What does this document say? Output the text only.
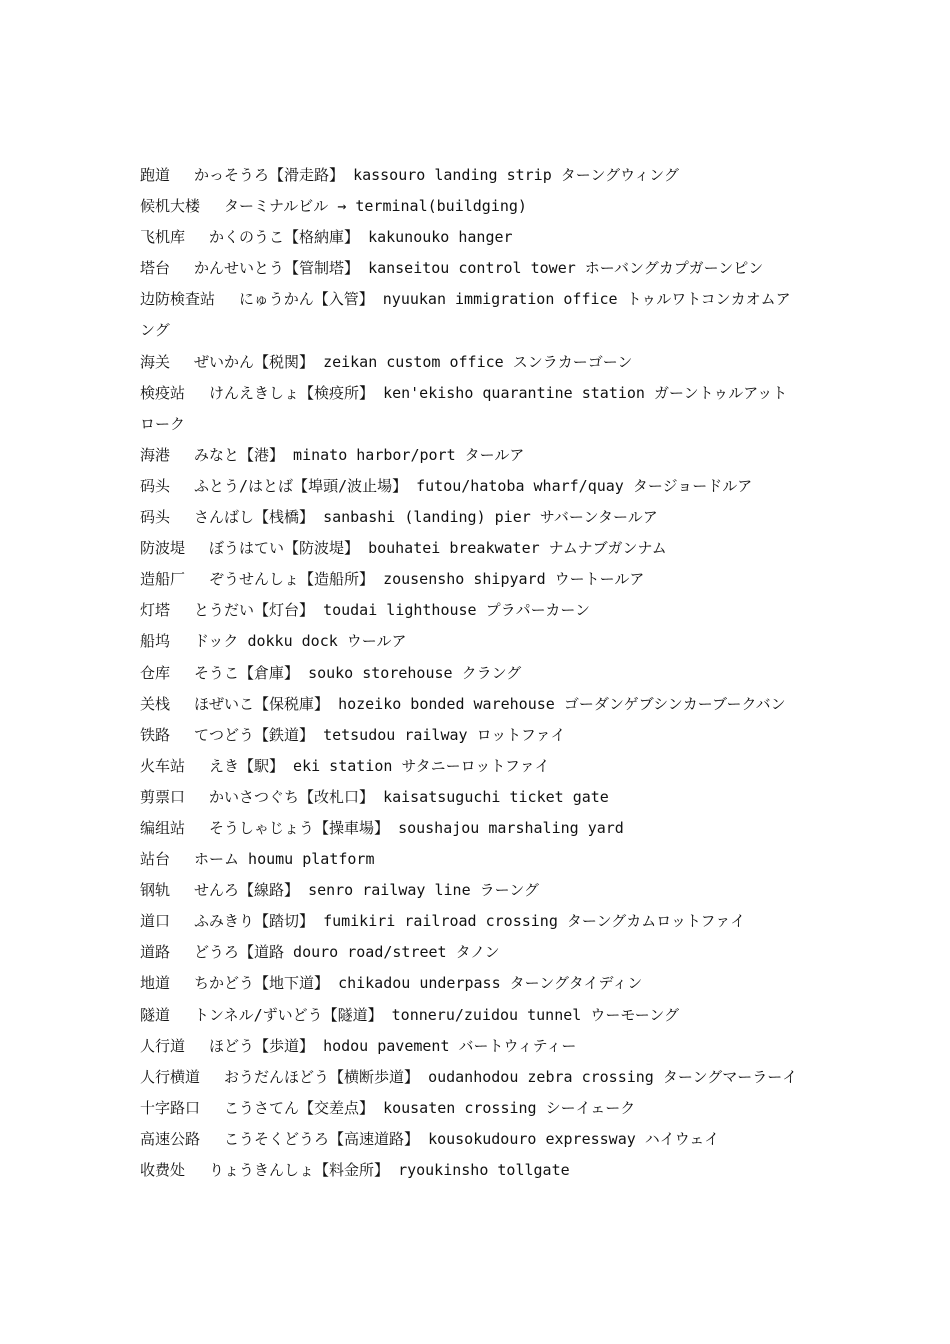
跑道　 かっそうろ【滑走路】 kassouro landing strip ターングウィング
候机大楼　 ターミナルビル → terminal(buildging)
飞机库　 かくのうこ【格納庫】 kakunouko hanger
塔台　 かんせいとう【管制塔】 kanseitou control tower ホーバングカプガーンピン
边防検査站　 にゅうかん【入管】 nyuukan immigration office トゥルワトコンカオムア
ング
海关　 ぜいかん【税関】 zeikan custom office スンラカーゴーン
検疫站　 けんえきしょ【検疫所】 ken'ekisho quarantine station ガーントゥルアット
ローク
海港　 みなと【港】 minato harbor/port タールア
码头　 ふとう/はとば【埠頭/波止場】 futou/hatoba wharf/quay タージョードルア
码头　 さんばし【桟橋】 sanbashi (landing) pier サバーンタールア
防波堤　 ぼうはてい【防波堤】 bouhatei breakwater ナムナブガンナム
造船厂　 ぞうせんしょ【造船所】 zousensho shipyard ウートールア
灯塔　 とうだい【灯台】 toudai lighthouse プラパーカーン
船坞　 ドック dokku dock ウールア
仓库　 そうこ【倉庫】 souko storehouse クラング
关栈　 ほぜいこ【保税庫】 hozeiko bonded warehouse ゴーダンゲブシンカーブークバン
铁路　 てつどう【鉄道】 tetsudou railway ロットファイ
火车站　 えき【駅】 eki station サタニーロットファイ
剪票口　 かいさつぐち【改札口】 kaisatsuguchi ticket gate
编组站　 そうしゃじょう【操車場】 soushajou marshaling yard
站台　 ホーム houmu platform
钢轨　 せんろ【線路】 senro railway line ラーング
道口　 ふみきり【踏切】 fumikiri railroad crossing ターングカムロットファイ
道路　 どうろ【道路 douro road/street タノン
地道　 ちかどう【地下道】 chikadou underpass ターングタイディン
隧道　 トンネル/ずいどう【隧道】 tonneru/zuidou tunnel ウーモーング
人行道　 ほどう【歩道】 hodou pavement バートウィティー
人行横道　 おうだんほどう【横断歩道】 oudanhodou zebra crossing ターングマーラーイ
十字路口　 こうさてん【交差点】 kousaten crossing シーイェーク
高速公路　 こうそくどうろ【高速道路】 kousokudouro expressway ハイウェイ
收费处　 りょうきんしょ【料金所】 ryoukinsho tollgate
